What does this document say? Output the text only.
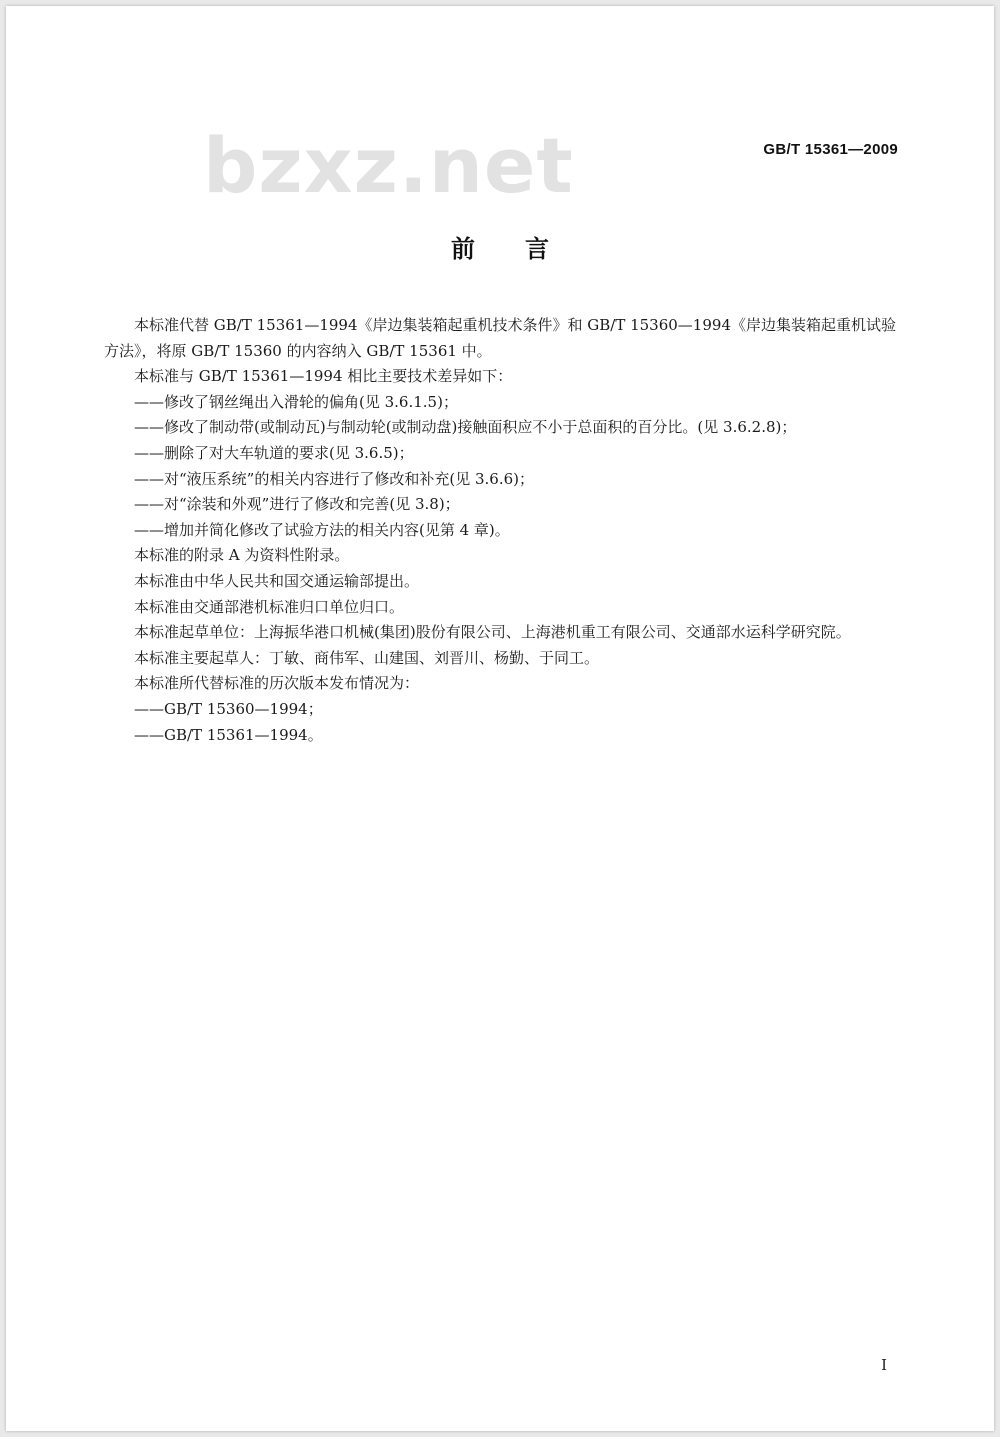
bzxz.net	GB/T 15361—2009
前言

本标准代替 GB/T 15361—1994《岸边集装箱起重机技术条件》和 GB/T 15360—1994《岸边集装箱起重机试验方法》，将原 GB/T 15360 的内容纳入 GB/T 15361 中。

本标准与 GB/T 15361—1994 相比主要技术差异如下：

——修改了钢丝绳出入滑轮的偏角(见 3.6.1.5)；

——修改了制动带(或制动瓦)与制动轮(或制动盘)接触面积应不小于总面积的百分比。(见 3.6.2.8)；

——删除了对大车轨道的要求(见 3.6.5)；

——对“液压系统”的相关内容进行了修改和补充(见 3.6.6)；

——对“涂装和外观”进行了修改和完善(见 3.8)；

——增加并简化修改了试验方法的相关内容(见第 4 章)。

本标准的附录 A 为资料性附录。

本标准由中华人民共和国交通运输部提出。

本标准由交通部港机标准归口单位归口。

本标准起草单位：上海振华港口机械(集团)股份有限公司、上海港机重工有限公司、交通部水运科学研究院。

本标准主要起草人：丁敏、商伟军、山建国、刘晋川、杨勤、于同工。

本标准所代替标准的历次版本发布情况为：

——GB/T 15360—1994；

——GB/T 15361—1994。

I
